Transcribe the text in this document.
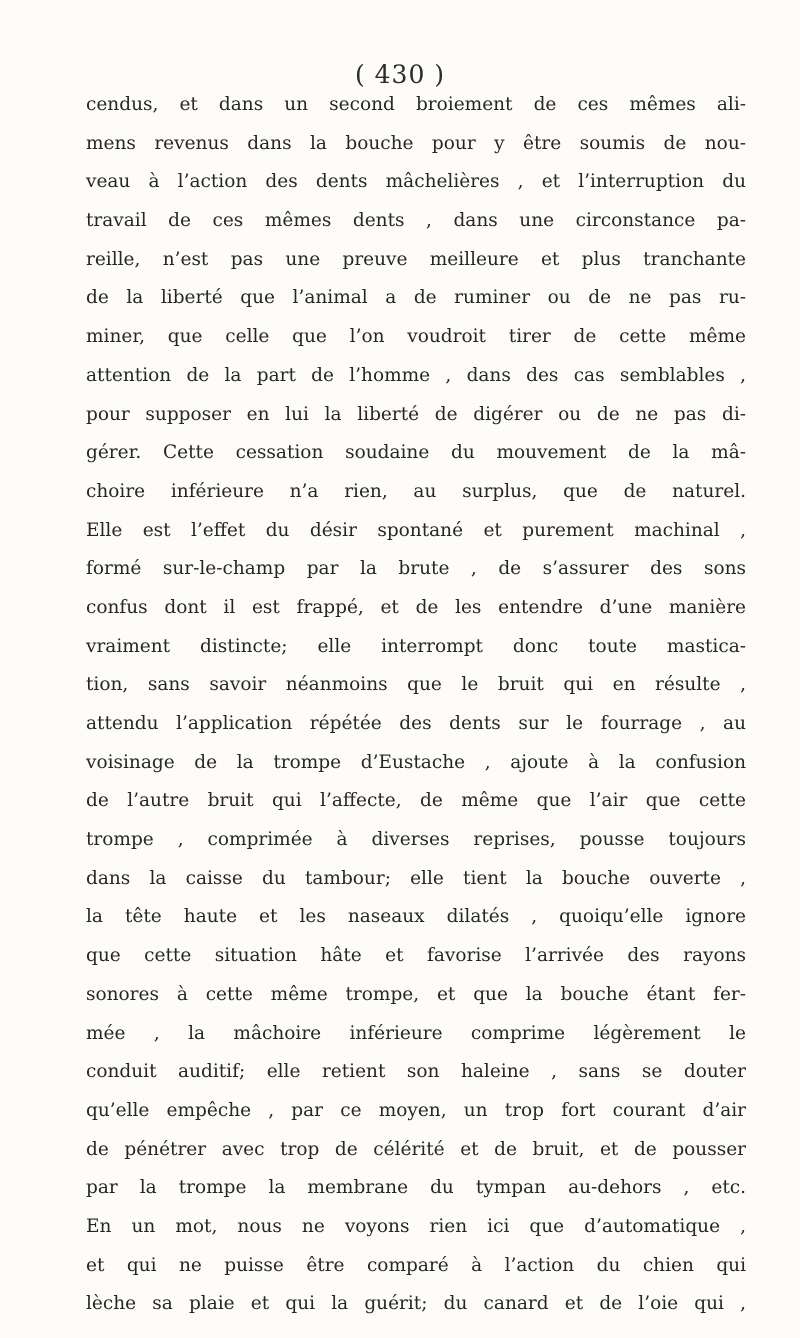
( 430 )
cendus, et dans un second broiement de ces mêmes ali-
mens revenus dans la bouche pour y être soumis de nou-
veau à l’action des dents mâchelières , et l’interruption du
travail de ces mêmes dents , dans une circonstance pa-
reille, n’est pas une preuve meilleure et plus tranchante
de la liberté que l’animal a de ruminer ou de ne pas ru-
miner, que celle que l’on voudroit tirer de cette même
attention de la part de l’homme , dans des cas semblables ,
pour supposer en lui la liberté de digérer ou de ne pas di-
gérer. Cette cessation soudaine du mouvement de la mâ-
choire inférieure n’a rien, au surplus, que de naturel.
Elle est l’effet du désir spontané et purement machinal ,
formé sur-le-champ par la brute , de s’assurer des sons
confus dont il est frappé, et de les entendre d’une manière
vraiment distincte; elle interrompt donc toute mastica-
tion, sans savoir néanmoins que le bruit qui en résulte ,
attendu l’application répétée des dents sur le fourrage , au
voisinage de la trompe d’Eustache , ajoute à la confusion
de l’autre bruit qui l’affecte, de même que l’air que cette
trompe , comprimée à diverses reprises, pousse toujours
dans la caisse du tambour; elle tient la bouche ouverte ,
la tête haute et les naseaux dilatés , quoiqu’elle ignore
que cette situation hâte et favorise l’arrivée des rayons
sonores à cette même trompe, et que la bouche étant fer-
mée , la mâchoire inférieure comprime légèrement le
conduit auditif; elle retient son haleine , sans se douter
qu’elle empêche , par ce moyen, un trop fort courant d’air
de pénétrer avec trop de célérité et de bruit, et de pousser
par la trompe la membrane du tympan au-dehors , etc.
En un mot, nous ne voyons rien ici que d’automatique ,
et qui ne puisse être comparé à l’action du chien qui
lèche sa plaie et qui la guérit; du canard et de l’oie qui ,
